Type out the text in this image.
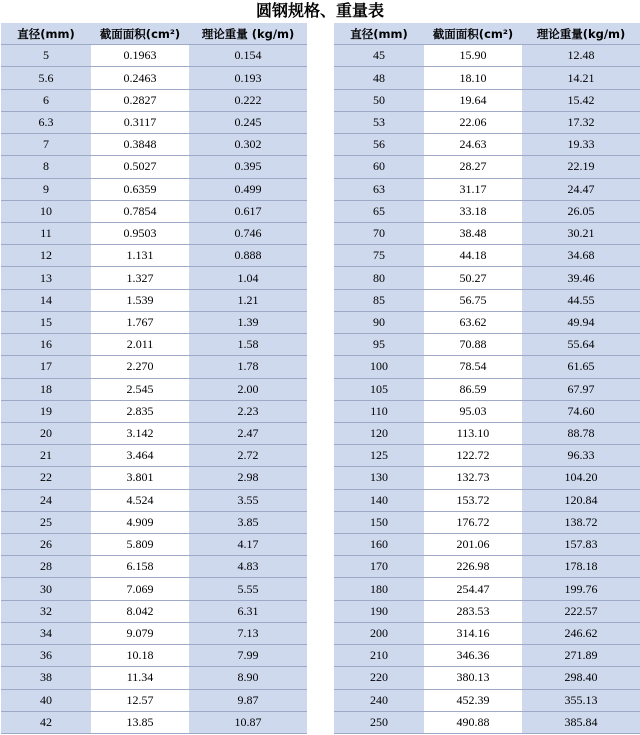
圆钢规格、重量表
直径(mm)	截面面积(cm²)	理论重量 (kg/m)
5	0.1963	0.154
5.6	0.2463	0.193
6	0.2827	0.222
6.3	0.3117	0.245
7	0.3848	0.302
8	0.5027	0.395
9	0.6359	0.499
10	0.7854	0.617
11	0.9503	0.746
12	1.131	0.888
13	1.327	1.04
14	1.539	1.21
15	1.767	1.39
16	2.011	1.58
17	2.270	1.78
18	2.545	2.00
19	2.835	2.23
20	3.142	2.47
21	3.464	2.72
22	3.801	2.98
24	4.524	3.55
25	4.909	3.85
26	5.809	4.17
28	6.158	4.83
30	7.069	5.55
32	8.042	6.31
34	9.079	7.13
36	10.18	7.99
38	11.34	8.90
40	12.57	9.87
42	13.85	10.87
直径(mm)	截面面积(cm²)	理论重量(kg/m)
45	15.90	12.48
48	18.10	14.21
50	19.64	15.42
53	22.06	17.32
56	24.63	19.33
60	28.27	22.19
63	31.17	24.47
65	33.18	26.05
70	38.48	30.21
75	44.18	34.68
80	50.27	39.46
85	56.75	44.55
90	63.62	49.94
95	70.88	55.64
100	78.54	61.65
105	86.59	67.97
110	95.03	74.60
120	113.10	88.78
125	122.72	96.33
130	132.73	104.20
140	153.72	120.84
150	176.72	138.72
160	201.06	157.83
170	226.98	178.18
180	254.47	199.76
190	283.53	222.57
200	314.16	246.62
210	346.36	271.89
220	380.13	298.40
240	452.39	355.13
250	490.88	385.84
